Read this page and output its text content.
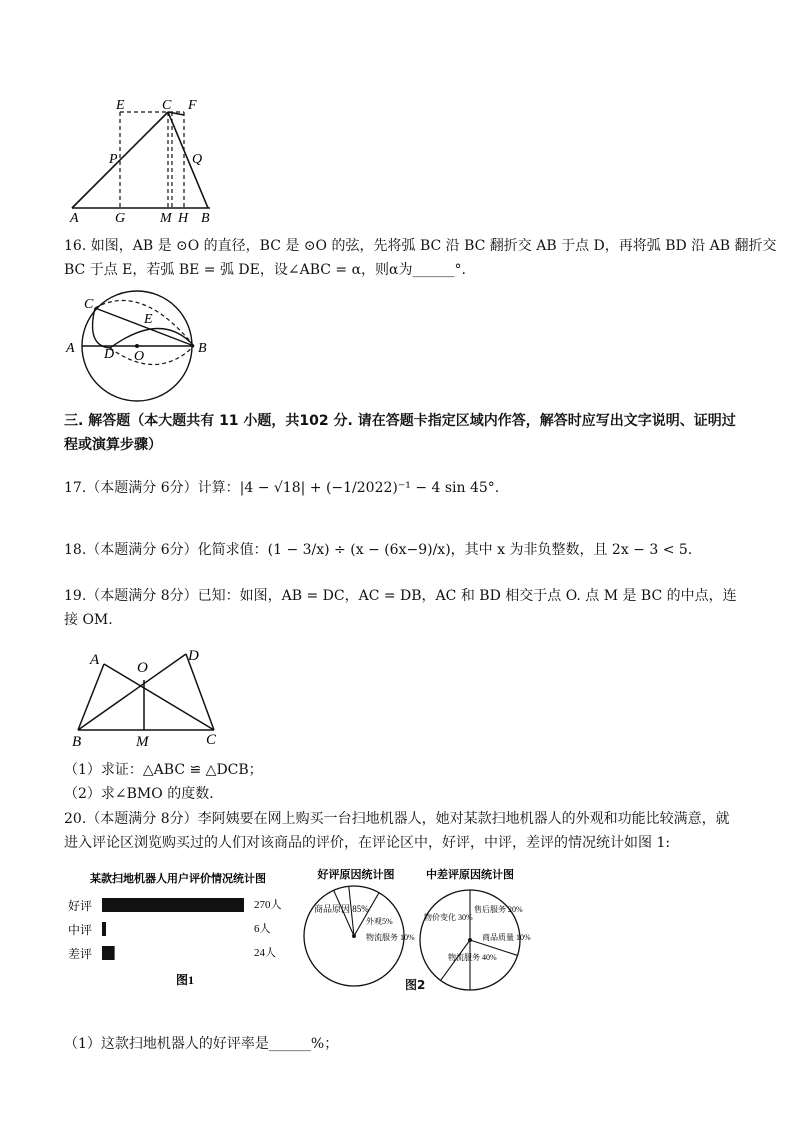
E	C F
P	Q
A	G M H B
16. 如图，AB 是 ⊙O 的直径，BC 是 ⊙O 的弦，先将弧 BC 沿 BC 翻折交 AB 于点 D，再将弧 BD 沿 AB 翻折交
BC 于点 E，若弧 BE = 弧 DE，设∠ABC = α，则α为______°.
C
E
A D O
B
三. 解答题（本大题共有 11 小题，共102 分. 请在答题卡指定区域内作答，解答时应写出文字说明、证明过
程或演算步骤）
17.（本题满分 6分）计算：|4 − √18| + (−1/2022)⁻¹ − 4 sin 45°.
18.（本题满分 6分）化简求值：(1 − 3/x) ÷ (x − (6x−9)/x)，其中 x 为非负整数，且 2x − 3 < 5.
19.（本题满分 8分）已知：如图，AB = DC，AC = DB，AC 和 BD 相交于点 O. 点 M 是 BC 的中点，连
接 OM.
A	O
D
B	M	C
（1）求证：△ABC ≌ △DCB；
（2）求∠BMO 的度数.
20.（本题满分 8分）李阿姨要在网上购买一台扫地机器人，她对某款扫地机器人的外观和功能比较满意，就
进入评论区浏览购买过的人们对该商品的评价，在评论区中，好评，中评，差评的情况统计如图 1:
某款扫地机器人用户评价情况统计图
好评	270人
中评	6人
差评	24人
图1
好评原因统计图
商品原因 85%
外观5%
物流服务 10%
中差评原因统计图
物价变化 30%
售后服务 20%
商品质量 10%
物流服务 40%
图2
（1）这款扫地机器人的好评率是______%；
